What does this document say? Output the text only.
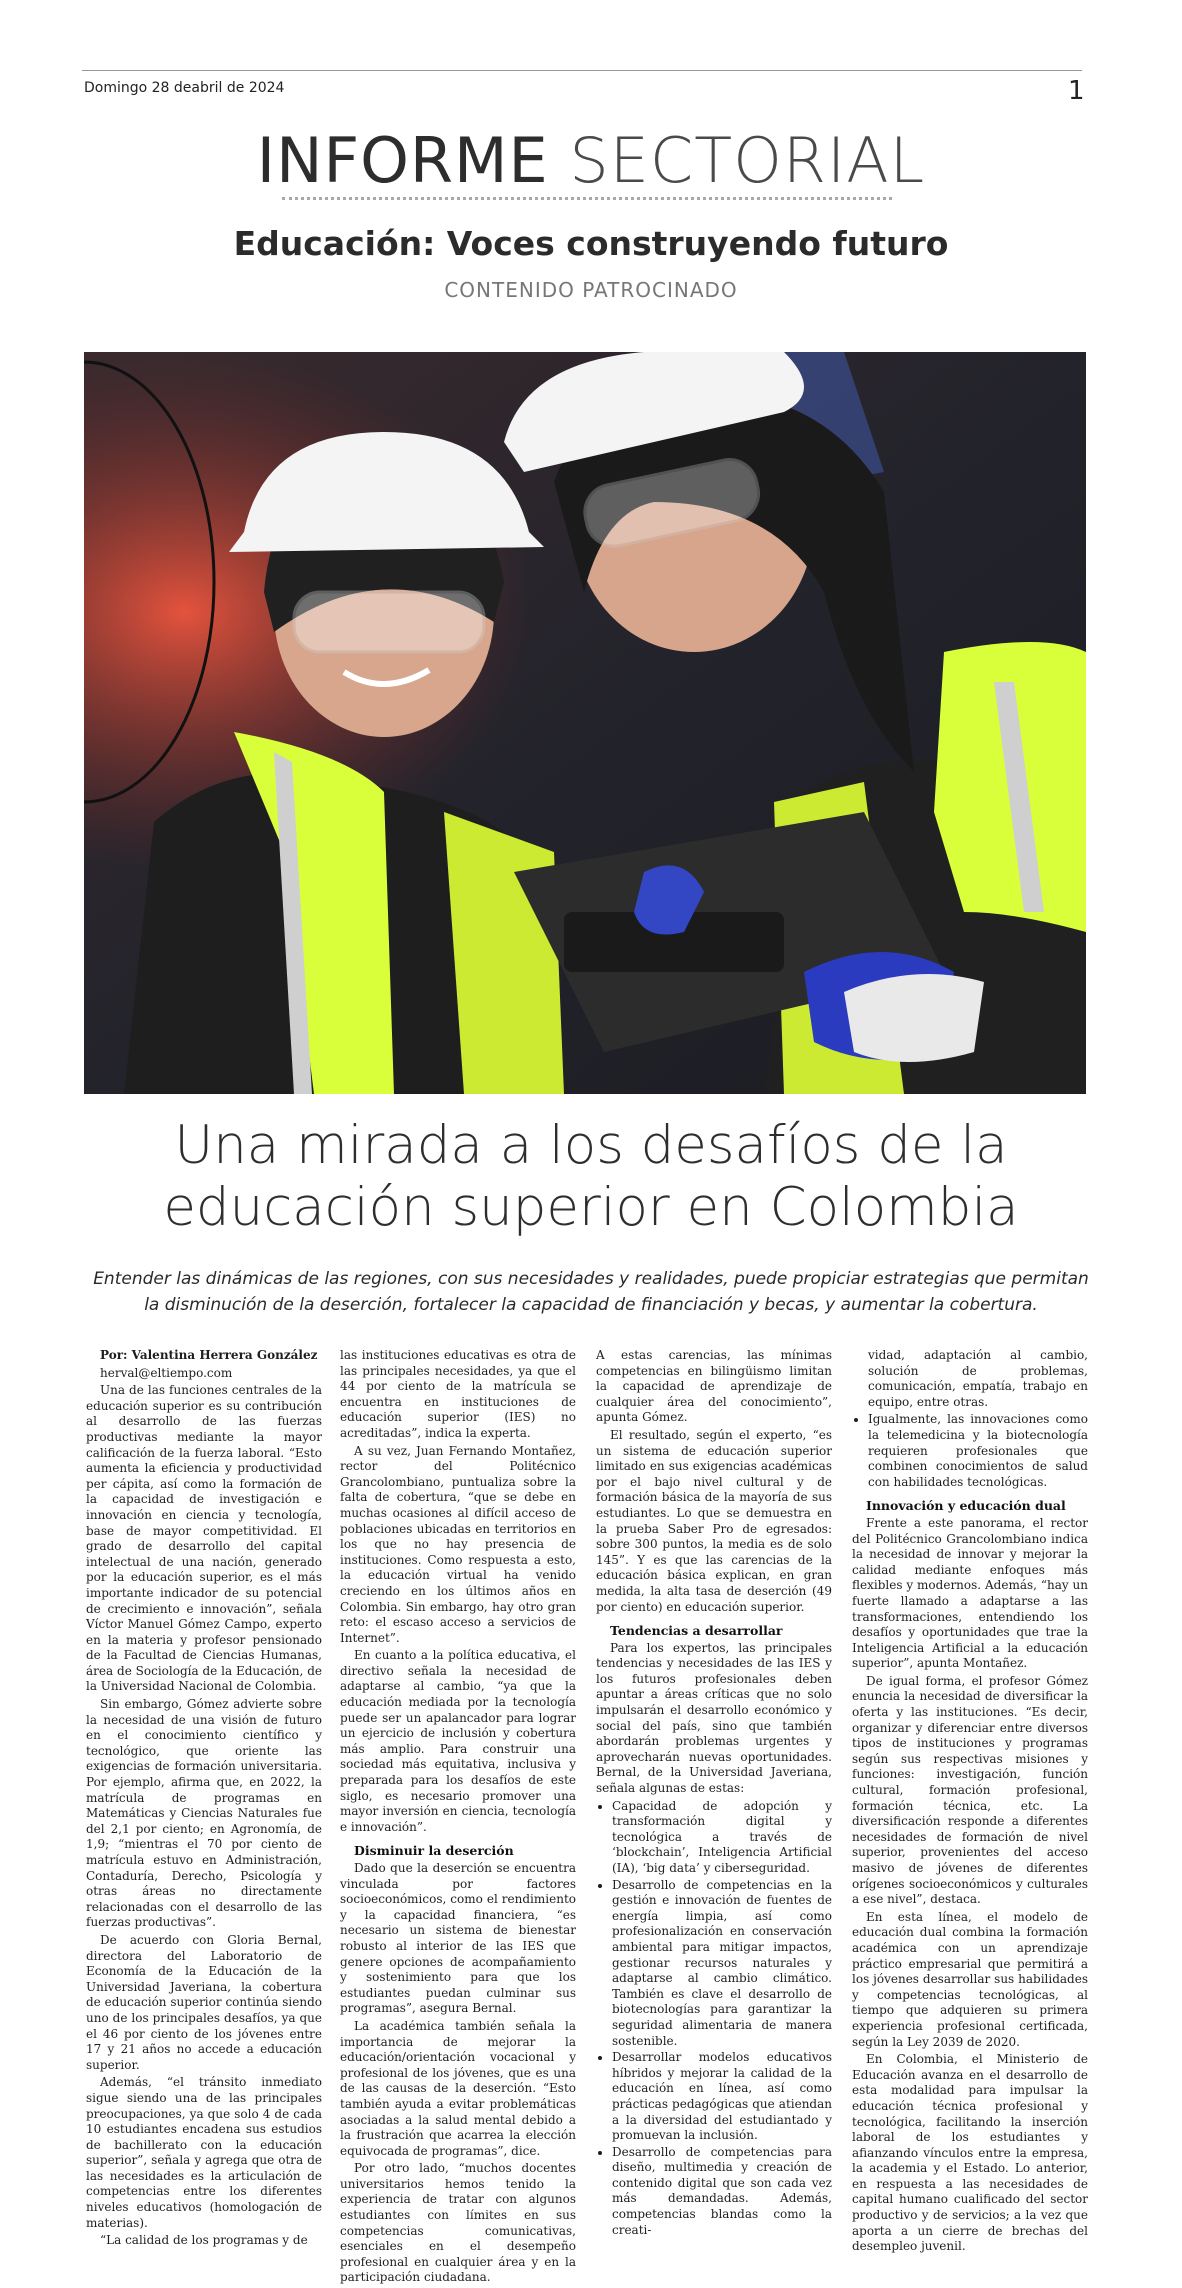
Domingo 28 deabril de 2024	1
INFORME SECTORIAL
Educación: Voces construyendo futuro
CONTENIDO PATROCINADO
Una mirada a los desafíos de la
educación superior en Colombia
Entender las dinámicas de las regiones, con sus necesidades y realidades, puede propiciar estrategias que permitan
la disminución de la deserción, fortalecer la capacidad de financiación y becas, y aumentar la cobertura.

Por: Valentina Herrera González

herval@eltiempo.com

Una de las funciones centrales de la educación superior es su contribución al desarrollo de las fuerzas productivas mediante la mayor calificación de la fuerza laboral. “Esto aumenta la eficiencia y productividad per cápita, así como la formación de la capacidad de investigación e innovación en ciencia y tecnología, base de mayor competitividad. El grado de desarrollo del capital intelectual de una nación, generado por la educación superior, es el más importante indicador de su potencial de crecimiento e innovación”, señala Víctor Manuel Gómez Campo, experto en la materia y profesor pensionado de la Facultad de Ciencias Humanas, área de Sociología de la Educación, de la Universidad Nacional de Colombia.

Sin embargo, Gómez advierte sobre la necesidad de una visión de futuro en el conocimiento científico y tecnológico, que oriente las exigencias de formación universitaria. Por ejemplo, afirma que, en 2022, la matrícula de programas en Matemáticas y Ciencias Naturales fue del 2,1 por ciento; en Agronomía, de 1,9; “mientras el 70 por ciento de matrícula estuvo en Administración, Contaduría, Derecho, Psicología y otras áreas no directamente relacionadas con el desarrollo de las fuerzas productivas”.

De acuerdo con Gloria Bernal, directora del Laboratorio de Economía de la Educación de la Universidad Javeriana, la cobertura de educación superior continúa siendo uno de los principales desafíos, ya que el 46 por ciento de los jóvenes entre 17 y 21 años no accede a educación superior.

Además, “el tránsito inmediato sigue siendo una de las principales preocupaciones, ya que solo 4 de cada 10 estudiantes encadena sus estudios de bachillerato con la educación superior”, señala y agrega que otra de las necesidades es la articulación de competencias entre los diferentes niveles educativos (homologación de materias).

“La calidad de los programas y de

las instituciones educativas es otra de las principales necesidades, ya que el 44 por ciento de la matrícula se encuentra en instituciones de educación superior (IES) no acreditadas”, indica la experta.

A su vez, Juan Fernando Montañez, rector del Politécnico Grancolombiano, puntualiza sobre la falta de cobertura, “que se debe en muchas ocasiones al difícil acceso de poblaciones ubicadas en territorios en los que no hay presencia de instituciones. Como respuesta a esto, la educación virtual ha venido creciendo en los últimos años en Colombia. Sin embargo, hay otro gran reto: el escaso acceso a servicios de Internet”.

En cuanto a la política educativa, el directivo señala la necesidad de adaptarse al cambio, “ya que la educación mediada por la tecnología puede ser un apalancador para lograr un ejercicio de inclusión y cobertura más amplio. Para construir una sociedad más equitativa, inclusiva y preparada para los desafíos de este siglo, es necesario promover una mayor inversión en ciencia, tecnología e innovación”.

Disminuir la deserción

Dado que la deserción se encuentra vinculada por factores socioeconómicos, como el rendimiento y la capacidad financiera, “es necesario un sistema de bienestar robusto al interior de las IES que genere opciones de acompañamiento y sostenimiento para que los estudiantes puedan culminar sus programas”, asegura Bernal.

La académica también señala la importancia de mejorar la educación/orientación vocacional y profesional de los jóvenes, que es una de las causas de la deserción. “Esto también ayuda a evitar problemáticas asociadas a la salud mental debido a la frustración que acarrea la elección equivocada de programas”, dice.

Por otro lado, “muchos docentes universitarios hemos tenido la experiencia de tratar con algunos estudiantes con límites en sus competencias comunicativas, esenciales en el desempeño profesional en cualquier área y en la participación ciudadana.

A estas carencias, las mínimas competencias en bilingüismo limitan la capacidad de aprendizaje de cualquier área del conocimiento”, apunta Gómez.

El resultado, según el experto, “es un sistema de educación superior limitado en sus exigencias académicas por el bajo nivel cultural y de formación básica de la mayoría de sus estudiantes. Lo que se demuestra en la prueba Saber Pro de egresados: sobre 300 puntos, la media es de solo 145”. Y es que las carencias de la educación básica explican, en gran medida, la alta tasa de deserción (49 por ciento) en educación superior.

Tendencias a desarrollar

Para los expertos, las principales tendencias y necesidades de las IES y los futuros profesionales deben apuntar a áreas críticas que no solo impulsarán el desarrollo económico y social del país, sino que también abordarán problemas urgentes y aprovecharán nuevas oportunidades. Bernal, de la Universidad Javeriana, señala algunas de estas:

• Capacidad de adopción y transformación digital y tecnológica a través de ‘blockchain’, Inteligencia Artificial (IA), ‘big data’ y ciberseguridad.
• Desarrollo de competencias en la gestión e innovación de fuentes de energía limpia, así como profesionalización en conservación ambiental para mitigar impactos, gestionar recursos naturales y adaptarse al cambio climático. También es clave el desarrollo de biotecnologías para garantizar la seguridad alimentaria de manera sostenible.
• Desarrollar modelos educativos híbridos y mejorar la calidad de la educación en línea, así como prácticas pedagógicas que atiendan a la diversidad del estudiantado y promuevan la inclusión.
• Desarrollo de competencias para diseño, multimedia y creación de contenido digital que son cada vez más demandadas. Además, competencias blandas como la creati-

vidad, adaptación al cambio, solución de problemas, comunicación, empatía, trabajo en equipo, entre otras.

• Igualmente, las innovaciones como la telemedicina y la biotecnología requieren profesionales que combinen conocimientos de salud con habilidades tecnológicas.
Innovación y educación dual

Frente a este panorama, el rector del Politécnico Grancolombiano indica la necesidad de innovar y mejorar la calidad mediante enfoques más flexibles y modernos. Además, “hay un fuerte llamado a adaptarse a las transformaciones, entendiendo los desafíos y oportunidades que trae la Inteligencia Artificial a la educación superior”, apunta Montañez.

De igual forma, el profesor Gómez enuncia la necesidad de diversificar la oferta y las instituciones. “Es decir, organizar y diferenciar entre diversos tipos de instituciones y programas según sus respectivas misiones y funciones: investigación, función cultural, formación profesional, formación técnica, etc. La diversificación responde a diferentes necesidades de formación de nivel superior, provenientes del acceso masivo de jóvenes de diferentes orígenes socioeconómicos y culturales a ese nivel”, destaca.

En esta línea, el modelo de educación dual combina la formación académica con un aprendizaje práctico empresarial que permitirá a los jóvenes desarrollar sus habilidades y competencias tecnológicas, al tiempo que adquieren su primera experiencia profesional certificada, según la Ley 2039 de 2020.

En Colombia, el Ministerio de Educación avanza en el desarrollo de esta modalidad para impulsar la educación técnica profesional y tecnológica, facilitando la inserción laboral de los estudiantes y afianzando vínculos entre la empresa, la academia y el Estado. Lo anterior, en respuesta a las necesidades de capital humano cualificado del sector productivo y de servicios; a la vez que aporta a un cierre de brechas del desempleo juvenil.
